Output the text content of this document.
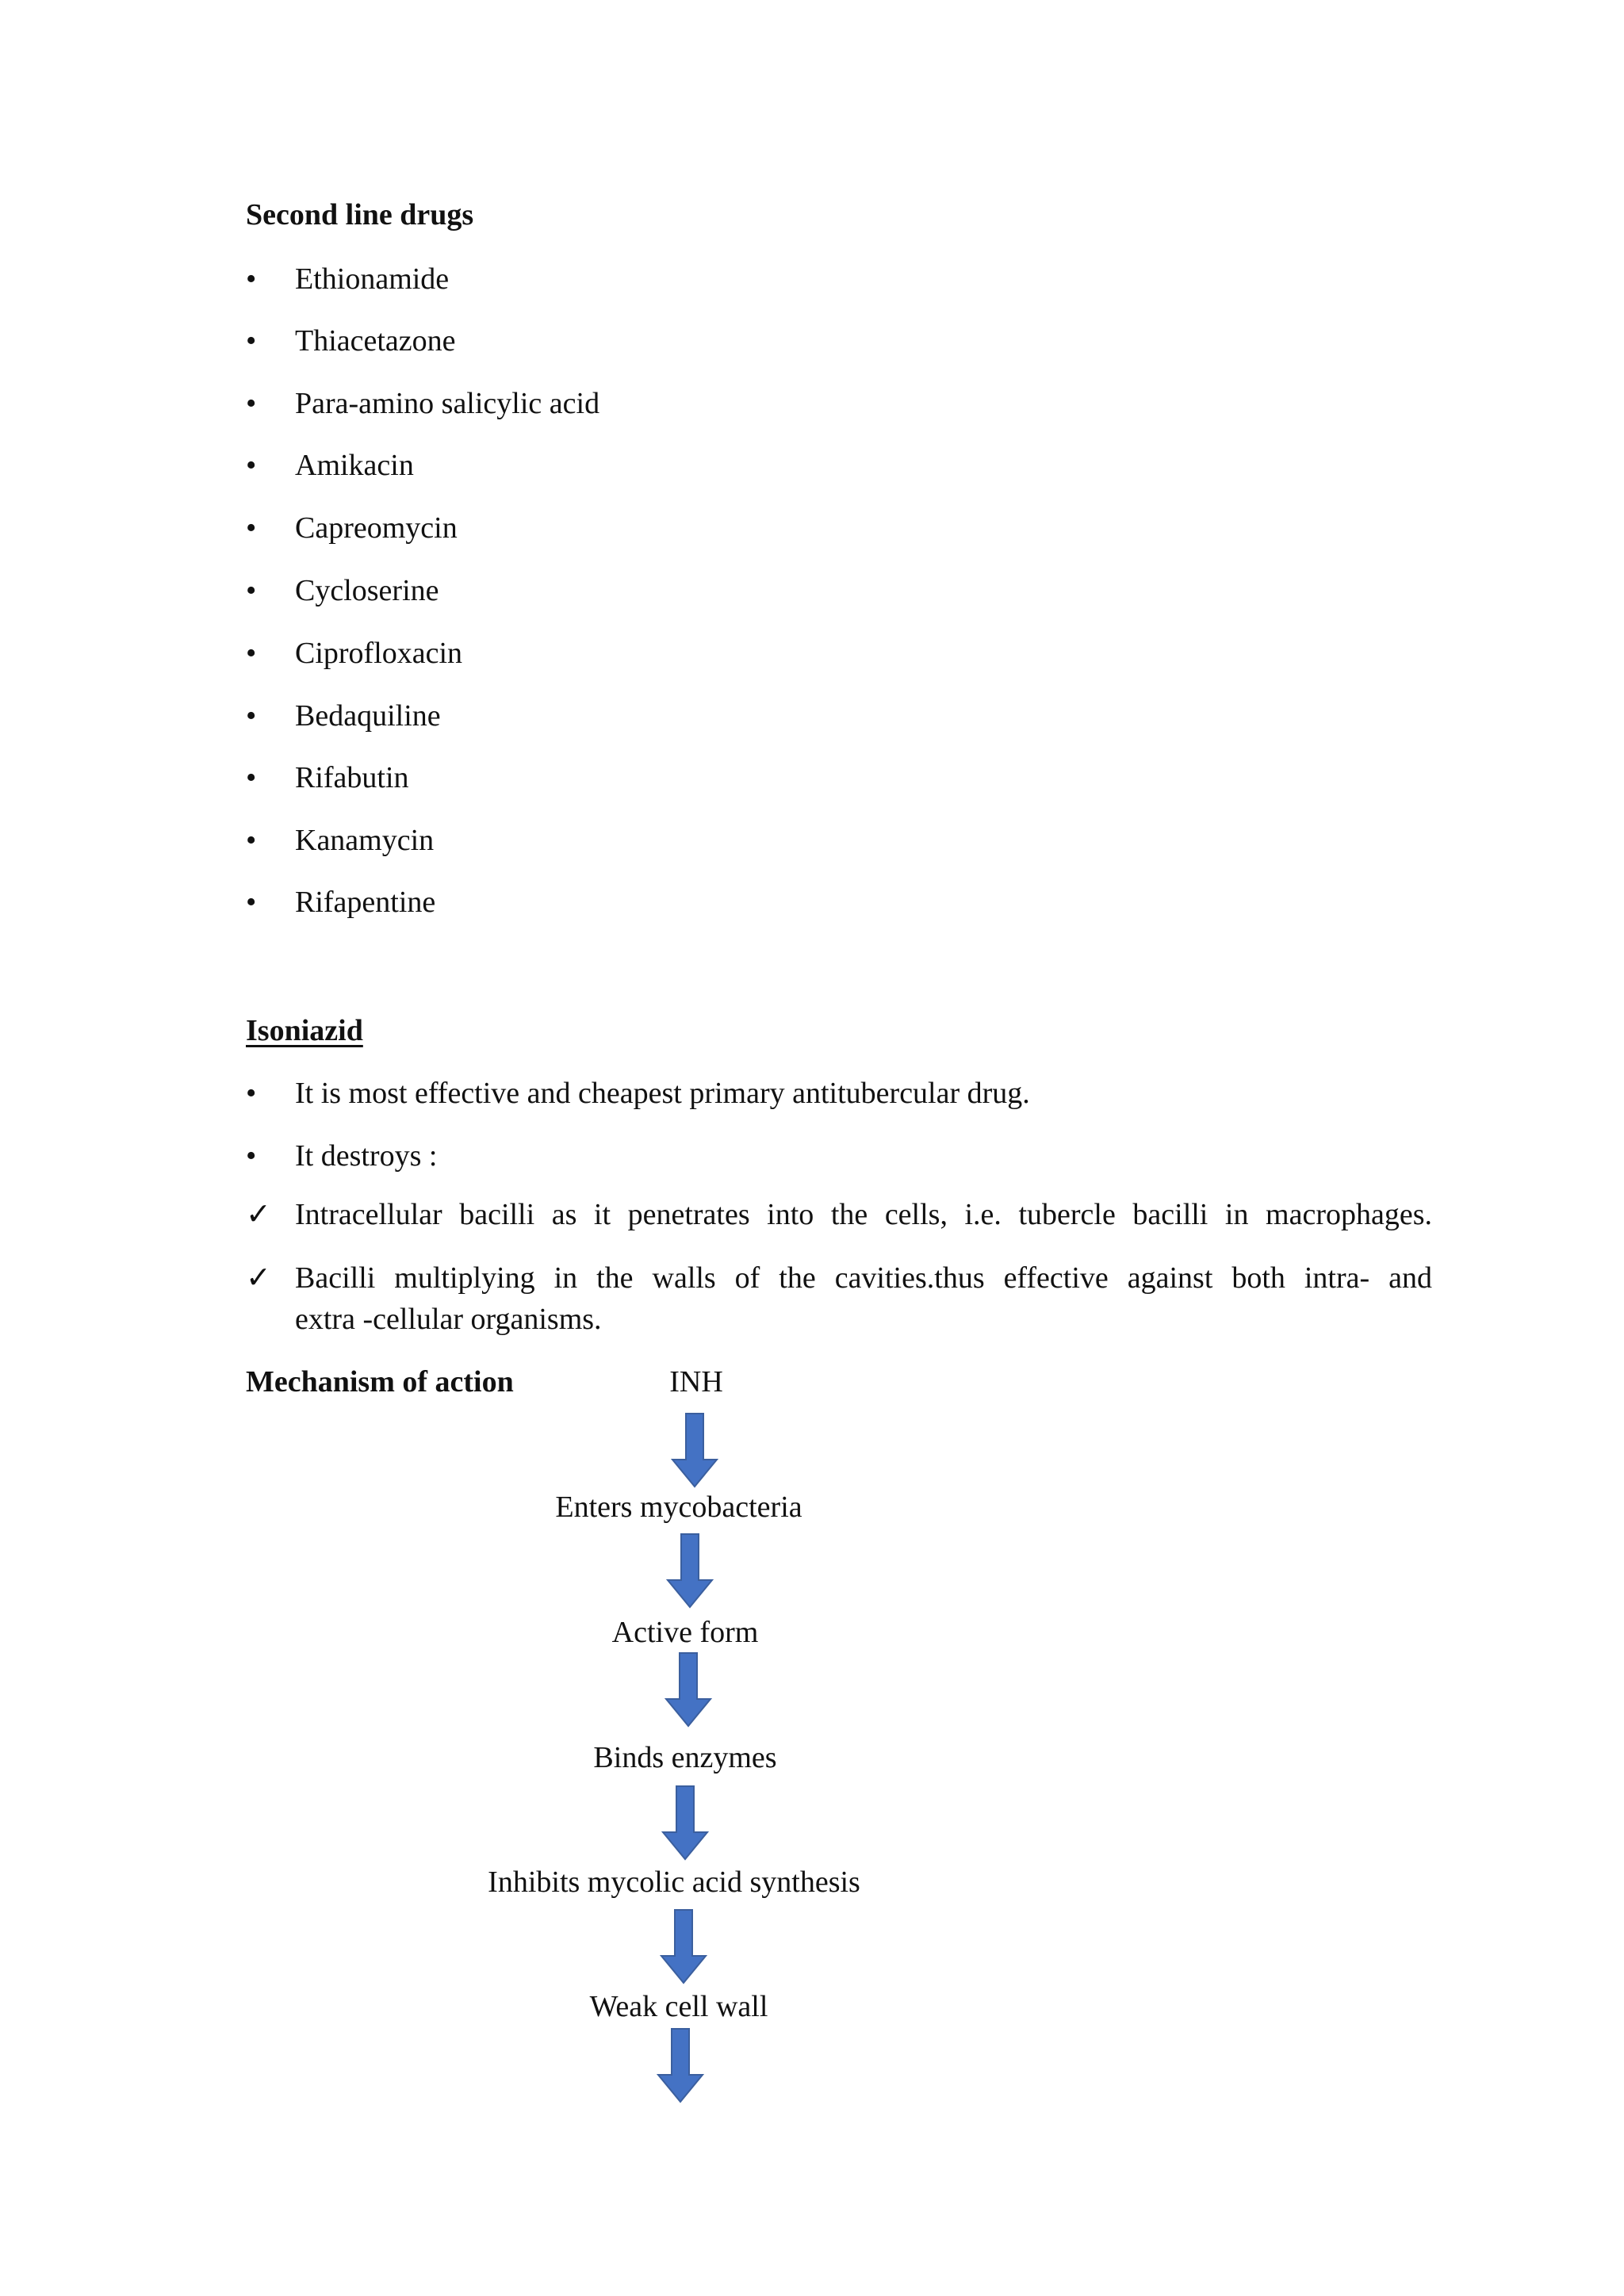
Second line drugs
• Ethionamide
• Thiacetazone
• Para-amino salicylic acid
• Amikacin
• Capreomycin
• Cycloserine
• Ciprofloxacin
• Bedaquiline
• Rifabutin
• Kanamycin
• Rifapentine
Isoniazid
• It is most effective and cheapest primary antitubercular drug.
• It destroys :
✓ Intracellular bacilli as it penetrates into the cells, i.e. tubercle bacilli in macrophages.
✓ Bacilli multiplying in the walls of the cavities.thus effective against both intra- and
extra -cellular organisms.
Mechanism of action	INH
Enters mycobacteria
Active form
Binds enzymes
Inhibits mycolic acid synthesis
Weak cell wall
